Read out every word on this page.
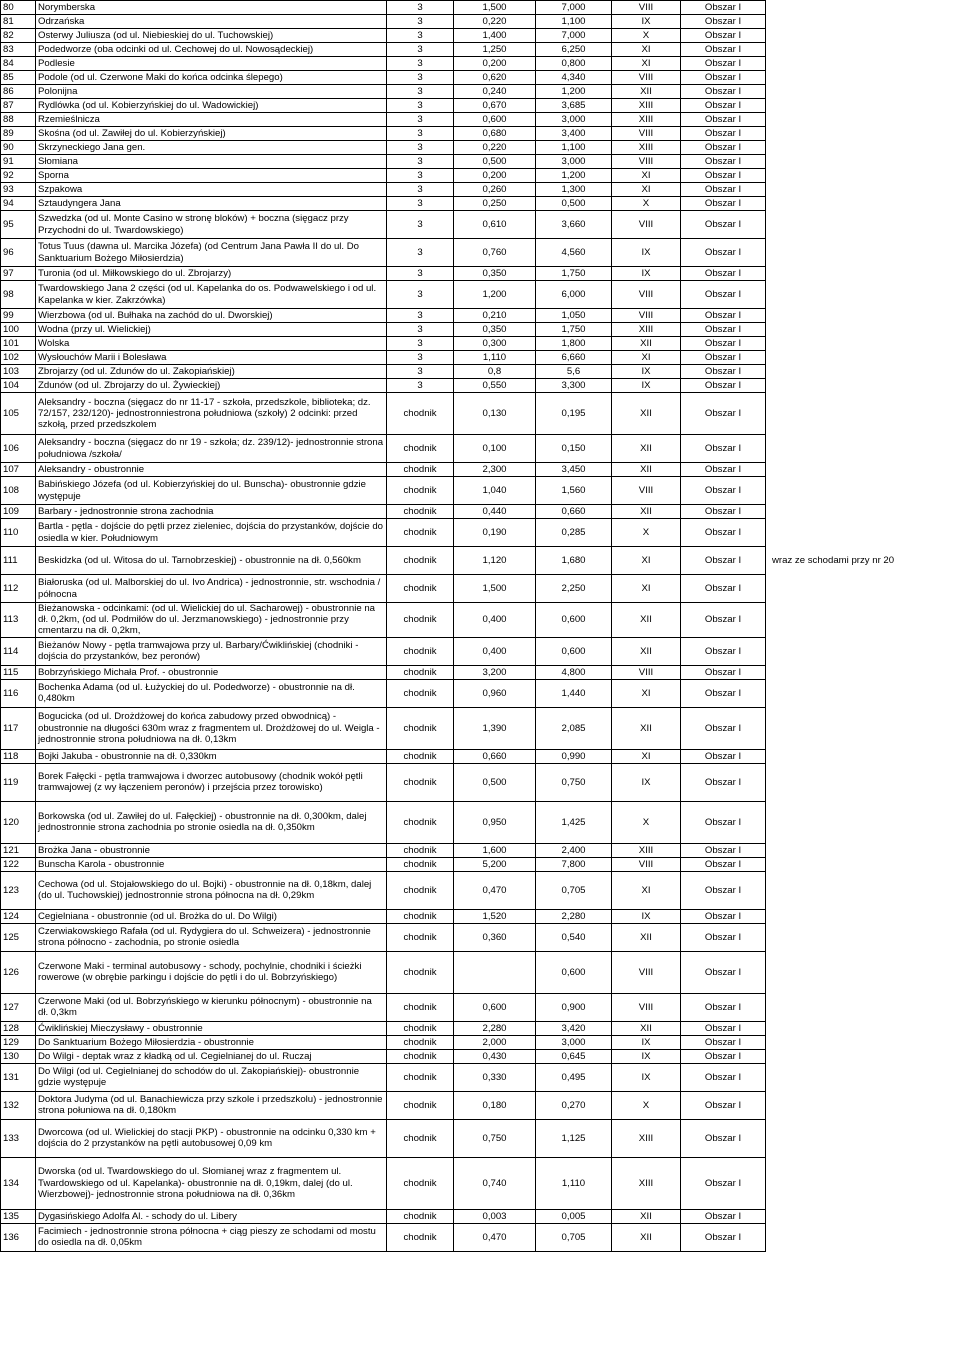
80	Norymberska	3	1,500	7,000	VIII	Obszar I	
81	Odrzańska	3	0,220	1,100	IX	Obszar I	
82	Osterwy Juliusza (od ul. Niebieskiej do ul. Tuchowskiej)	3	1,400	7,000	X	Obszar I	
83	Podedworze (oba odcinki od ul. Cechowej do ul. Nowosądeckiej)	3	1,250	6,250	XI	Obszar I	
84	Podlesie	3	0,200	0,800	XI	Obszar I	
85	Podole (od ul. Czerwone Maki do końca odcinka ślepego)	3	0,620	4,340	VIII	Obszar I	
86	Polonijna	3	0,240	1,200	XII	Obszar I	
87	Rydlówka (od ul. Kobierzyńskiej do ul. Wadowickiej)	3	0,670	3,685	XIII	Obszar I	
88	Rzemieślnicza	3	0,600	3,000	XIII	Obszar I	
89	Skośna (od ul. Zawiłej do ul. Kobierzyńskiej)	3	0,680	3,400	VIII	Obszar I	
90	Skrzyneckiego Jana gen.	3	0,220	1,100	XIII	Obszar I	
91	Słomiana	3	0,500	3,000	VIII	Obszar I	
92	Sporna	3	0,200	1,200	XI	Obszar I	
93	Szpakowa	3	0,260	1,300	XI	Obszar I	
94	Sztaudyngera Jana	3	0,250	0,500	X	Obszar I	
95	Szwedzka (od ul. Monte Casino w stronę bloków) + boczna (sięgacz przy Przychodni do ul. Twardowskiego)	3	0,610	3,660	VIII	Obszar I	
96	Totus Tuus (dawna ul. Marcika Józefa) (od Centrum Jana Pawła II do ul. Do Sanktuarium Bożego Miłosierdzia)	3	0,760	4,560	IX	Obszar I	
97	Turonia (od ul. Miłkowskiego do ul. Zbrojarzy)	3	0,350	1,750	IX	Obszar I	
98	Twardowskiego Jana 2 części (od ul. Kapelanka do os. Podwawelskiego i od ul. Kapelanka w kier. Zakrzówka)	3	1,200	6,000	VIII	Obszar I	
99	Wierzbowa (od ul. Bułhaka na zachód do ul. Dworskiej)	3	0,210	1,050	VIII	Obszar I	
100	Wodna (przy ul. Wielickiej)	3	0,350	1,750	XIII	Obszar I	
101	Wolska	3	0,300	1,800	XII	Obszar I	
102	Wysłouchów Marii i Bolesława	3	1,110	6,660	XI	Obszar I	
103	Zbrojarzy (od ul. Zdunów do ul. Zakopiańskiej)	3	0,8	5,6	IX	Obszar I	
104	Zdunów (od ul. Zbrojarzy do ul. Żywieckiej)	3	0,550	3,300	IX	Obszar I	
105	Aleksandry - boczna (sięgacz do nr 11-17 - szkoła, przedszkole, biblioteka; dz. 72/157, 232/120)- jednostronniestrona południowa (szkoły) 2 odcinki: przed szkołą, przed przedszkolem	chodnik	0,130	0,195	XII	Obszar I	
106	Aleksandry - boczna (sięgacz do nr 19 - szkoła; dz. 239/12)- jednostronnie strona południowa /szkoła/	chodnik	0,100	0,150	XII	Obszar I	
107	Aleksandry - obustronnie	chodnik	2,300	3,450	XII	Obszar I	
108	Babińskiego Józefa (od ul. Kobierzyńskiej do ul. Bunscha)- obustronnie gdzie występuje	chodnik	1,040	1,560	VIII	Obszar I	
109	Barbary - jednostronnie strona zachodnia	chodnik	0,440	0,660	XII	Obszar I	
110	Bartla - pętla - dojście do pętli przez zieleniec, dojścia do przystanków, dojście do osiedla w kier. Południowym	chodnik	0,190	0,285	X	Obszar I	
111	Beskidzka (od ul. Witosa do ul. Tarnobrzeskiej) - obustronnie na dł. 0,560km	chodnik	1,120	1,680	XI	Obszar I	wraz ze schodami przy nr 20
112	Białoruska (od ul. Malborskiej do ul. Ivo Andrica) - jednostronnie, str. wschodnia / północna	chodnik	1,500	2,250	XI	Obszar I	
113	Bieżanowska - odcinkami: (od ul. Wielickiej do ul. Sacharowej) - obustronnie na dł. 0,2km, (od ul. Podmiłów do ul. Jerzmanowskiego) - jednostronnie przy cmentarzu na dł. 0,2km,	chodnik	0,400	0,600	XII	Obszar I	
114	Bieżanów Nowy - pętla tramwajowa przy ul. Barbary/Ćwiklińskiej (chodniki - dojścia do przystanków, bez peronów)	chodnik	0,400	0,600	XII	Obszar I	
115	Bobrzyńskiego Michała Prof. - obustronnie	chodnik	3,200	4,800	VIII	Obszar I	
116	Bochenka Adama (od ul. Łużyckiej do ul. Podedworze) - obustronnie na dł. 0,480km	chodnik	0,960	1,440	XI	Obszar I	
117	Bogucicka (od ul. Drożdżowej do końca zabudowy przed obwodnicą) - obustronnie na długości 630m wraz z fragmentem ul. Drożdżowej do ul. Weigla - jednostronnie strona południowa na dł. 0,13km	chodnik	1,390	2,085	XII	Obszar I	
118	Bojki Jakuba - obustronnie na dł. 0,330km	chodnik	0,660	0,990	XI	Obszar I	
119	Borek Fałęcki - pętla tramwajowa i dworzec autobusowy (chodnik wokół pętli tramwajowej (z wy łączeniem peronów) i przejścia przez torowisko)	chodnik	0,500	0,750	IX	Obszar I	
120	Borkowska (od ul. Zawiłej do ul. Fałęckiej) - obustronnie na dł. 0,300km, dalej jednostronnie strona zachodnia po stronie osiedla na dł. 0,350km	chodnik	0,950	1,425	X	Obszar I	
121	Brożka Jana - obustronnie	chodnik	1,600	2,400	XIII	Obszar I	
122	Bunscha Karola - obustronnie	chodnik	5,200	7,800	VIII	Obszar I	
123	Cechowa (od ul. Stojałowskiego do ul. Bojki) - obustronnie na dł. 0,18km, dalej (do ul. Tuchowskiej) jednostronnie strona północna na dł. 0,29km	chodnik	0,470	0,705	XI	Obszar I	
124	Cegielniana - obustronnie (od ul. Brożka do ul. Do Wilgi)	chodnik	1,520	2,280	IX	Obszar I	
125	Czerwiakowskiego Rafała (od ul. Rydygiera do ul. Schweizera) - jednostronnie strona północno - zachodnia, po stronie osiedla	chodnik	0,360	0,540	XII	Obszar I	
126	Czerwone Maki - terminal autobusowy - schody, pochylnie, chodniki i ścieżki rowerowe (w obrębie parkingu i dojście do pętli i do ul. Bobrzyńskiego)	chodnik		0,600	VIII	Obszar I	
127	Czerwone Maki (od ul. Bobrzyńskiego w kierunku północnym) - obustronnie na dł. 0,3km	chodnik	0,600	0,900	VIII	Obszar I	
128	Ćwiklińskiej Mieczysławy - obustronnie	chodnik	2,280	3,420	XII	Obszar I	
129	Do Sanktuarium Bożego Miłosierdzia - obustronnie	chodnik	2,000	3,000	IX	Obszar I	
130	Do Wilgi - deptak wraz z kładką od ul. Cegielnianej do ul. Ruczaj	chodnik	0,430	0,645	IX	Obszar I	
131	Do Wilgi (od ul. Cegielnianej do schodów do ul. Zakopiańskiej)- obustronnie gdzie występuje	chodnik	0,330	0,495	IX	Obszar I	
132	Doktora Judyma (od ul. Banachiewicza przy szkole i przedszkolu) - jednostronnie strona połuniowa na dł. 0,180km	chodnik	0,180	0,270	X	Obszar I	
133	Dworcowa (od ul. Wielickiej do stacji PKP) - obustronnie na odcinku 0,330 km + dojścia do 2 przystanków na pętli autobusowej 0,09 km	chodnik	0,750	1,125	XIII	Obszar I	
134	Dworska (od ul. Twardowskiego do ul. Słomianej wraz z fragmentem ul. Twardowskiego od ul. Kapelanka)- obustronnie na dł. 0,19km, dalej (do ul. Wierzbowej)- jednostronnie strona południowa na dł. 0,36km	chodnik	0,740	1,110	XIII	Obszar I	
135	Dygasińskiego Adolfa Al. - schody do ul. Libery	chodnik	0,003	0,005	XII	Obszar I	
136	Facimiech - jednostronnie strona północna + ciąg pieszy ze schodami od mostu do osiedla na dł. 0,05km	chodnik	0,470	0,705	XII	Obszar I	
